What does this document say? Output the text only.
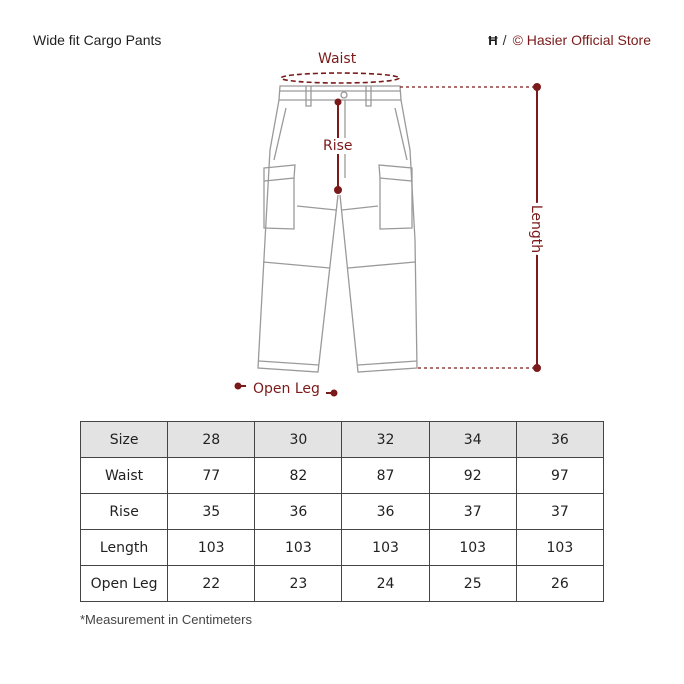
Wide fit Cargo Pants	Ħ / © Hasier Official Store
Waist
Rise
Length
Open Leg
Size	28	30	32	34	36
Waist	77	82	87	92	97
Rise	35	36	36	37	37
Length	103	103	103	103	103
Open Leg	22	23	24	25	26
*Measurement in Centimeters
